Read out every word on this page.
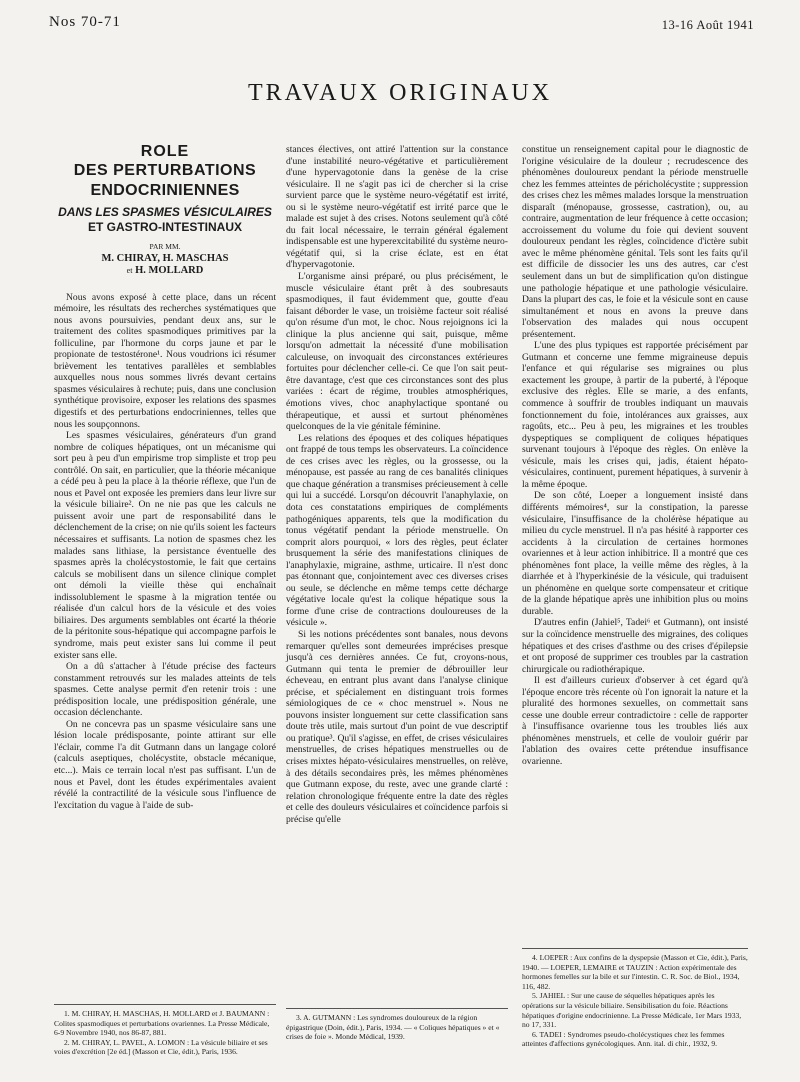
Nos 70-71	13-16 Août 1941
TRAVAUX ORIGINAUX
ROLE
DES PERTURBATIONS
ENDOCRINIENNES
DANS LES SPASMES VÉSICULAIRES
ET GASTRO-INTESTINAUX
PAR MM.
M. CHIRAY, H. MASCHAS
et H. MOLLARD

Nous avons exposé à cette place, dans un récent mémoire, les résultats des recherches systématiques que nous avons poursuivies, pendant deux ans, sur le traitement des colites spasmodiques primitives par la folliculine, par l'hormone du corps jaune et par le propionate de testostérone¹. Nous voudrions ici résumer brièvement les tentatives parallèles et semblables auxquelles nous nous sommes livrés devant certains spasmes vésiculaires à rechute; puis, dans une conclusion synthétique provisoire, exposer les relations des spasmes digestifs et des perturbations endocriniennes, telles que nous les soupçonnons.

Les spasmes vésiculaires, générateurs d'un grand nombre de coliques hépatiques, ont un mécanisme qui sort peu à peu d'un empirisme trop simpliste et trop peu contrôlé. On sait, en particulier, que la théorie mécanique a cédé peu à peu la place à la théorie réflexe, que l'un de nous et Pavel ont exposée les premiers dans leur livre sur la vésicule biliaire². On ne nie pas que les calculs ne puissent avoir une part de responsabilité dans le déclenchement de la crise; on nie qu'ils soient les facteurs nécessaires et suffisants. La notion de spasmes chez les malades sans lithiase, la persistance éventuelle des spasmes après la cholécystostomie, le fait que certains calculs se mobilisent dans un silence clinique complet ont démoli la vieille thèse qui enchaînait indissolublement le spasme à la migration tentée ou réalisée d'un calcul hors de la vésicule et des voies biliaires. Des arguments semblables ont écarté la théorie de la péritonite sous-hépatique qui accompagne parfois le syndrome, mais peut exister sans lui comme il peut exister sans elle.

On a dû s'attacher à l'étude précise des facteurs constamment retrouvés sur les malades atteints de tels spasmes. Cette analyse permit d'en retenir trois : une prédisposition locale, une prédisposition générale, une occasion déclenchante.

On ne concevra pas un spasme vésiculaire sans une lésion locale prédisposante, pointe attirant sur elle l'éclair, comme l'a dit Gutmann dans un langage coloré (calculs aseptiques, cholécystite, obstacle mécanique, etc...). Mais ce terrain local n'est pas suffisant. L'un de nous et Pavel, dont les études expérimentales avaient révélé la contractilité de la vésicule sous l'influence de l'excitation du vague à l'aide de sub-

stances électives, ont attiré l'attention sur la constance d'une instabilité neuro-végétative et particulièrement d'une hypervagotonie dans la genèse de la crise vésiculaire. Il ne s'agit pas ici de chercher si la crise survient parce que le système neuro-végétatif est irrité, ou si le système neuro-végétatif est irrité parce que le malade est sujet à des crises. Notons seulement qu'à côté du fait local nécessaire, le terrain général également indispensable est une hyperexcitabilité du système neuro-végétatif qui, si la crise éclate, est en état d'hypervagotonie.

L'organisme ainsi préparé, ou plus précisément, le muscle vésiculaire étant prêt à des soubresauts spasmodiques, il faut évidemment que, goutte d'eau faisant déborder le vase, un troisième facteur soit réalisé qu'on résume d'un mot, le choc. Nous rejoignons ici la clinique la plus ancienne qui sait, puisque, même lorsqu'on admettait la nécessité d'une mobilisation calculeuse, on invoquait des circonstances extérieures fortuites pour déclencher celle-ci. Ce que l'on sait peut-être davantage, c'est que ces circonstances sont des plus variées : écart de régime, troubles atmosphériques, émotions vives, choc anaphylactique spontané ou thérapeutique, et aussi et surtout phénomènes quelconques de la vie génitale féminine.

Les relations des époques et des coliques hépatiques ont frappé de tous temps les observateurs. La coïncidence de ces crises avec les règles, ou la grossesse, ou la ménopause, est passée au rang de ces banalités cliniques que chaque génération a transmises précieusement à celle qui lui a succédé. Lorsqu'on découvrit l'anaphylaxie, on dota ces constatations empiriques de compléments pathogéniques apparents, tels que la modification du tonus végétatif pendant la période menstruelle. On comprit alors pourquoi, « lors des règles, peut éclater brusquement la série des manifestations cliniques de l'anaphylaxie, migraine, asthme, urticaire. Il n'est donc pas étonnant que, conjointement avec ces diverses crises ou seule, se déclenche en même temps cette décharge végétative locale qu'est la colique hépatique sous la forme d'une crise de contractions douloureuses de la vésicule ».

Si les notions précédentes sont banales, nous devons remarquer qu'elles sont demeurées imprécises presque jusqu'à ces dernières années. Ce fut, croyons-nous, Gutmann qui tenta le premier de débrouiller leur écheveau, en entrant plus avant dans l'analyse clinique précise, et spécialement en distinguant trois formes sémiologiques de ce « choc menstruel ». Nous ne pouvons insister longuement sur cette classification sans doute très utile, mais surtout d'un point de vue descriptif ou pratique³. Qu'il s'agisse, en effet, de crises vésiculaires menstruelles, de crises hépatiques menstruelles ou de crises mixtes hépato-vésiculaires menstruelles, on relève, à des détails secondaires près, les mêmes phénomènes que Gutmann expose, du reste, avec une grande clarté : relation chronologique fréquente entre la date des règles et celle des douleurs vésiculaires et coïncidence parfois si précise qu'elle

constitue un renseignement capital pour le diagnostic de l'origine vésiculaire de la douleur ; recrudescence des phénomènes douloureux pendant la période menstruelle chez les femmes atteintes de péricholécystite ; suppression des crises chez les mêmes malades lorsque la menstruation disparaît (ménopause, grossesse, castration), ou, au contraire, augmentation de leur fréquence à cette occasion; accroissement du volume du foie qui devient souvent douloureux pendant les règles, coïncidence d'ictère subit avec le même phénomène génital. Tels sont les faits qu'il est difficile de dissocier les uns des autres, car c'est seulement dans un but de simplification qu'on distingue une pathologie hépatique et une pathologie vésiculaire. Dans la plupart des cas, le foie et la vésicule sont en cause simultanément et nous en avons la preuve dans l'observation des malades qui nous occupent présentement.

L'une des plus typiques est rapportée précisément par Gutmann et concerne une femme migraineuse depuis l'enfance et qui régularise ses migraines ou plus exactement les groupe, à partir de la puberté, à l'époque exclusive des règles. Elle se marie, a des enfants, commence à souffrir de troubles indiquant un mauvais fonctionnement du foie, intolérances aux graisses, aux ragoûts, etc... Peu à peu, les migraines et les troubles dyspeptiques se compliquent de coliques hépatiques survenant toujours à l'époque des règles. On enlève la vésicule, mais les crises qui, jadis, étaient hépato-vésiculaires, continuent, purement hépatiques, à survenir à la même époque.

De son côté, Loeper a longuement insisté dans différents mémoires⁴, sur la constipation, la paresse vésiculaire, l'insuffisance de la cholérèse hépatique au milieu du cycle menstruel. Il n'a pas hésité à rapporter ces accidents à la circulation de certaines hormones ovariennes et à leur action inhibitrice. Il a montré que ces phénomènes font place, la veille même des règles, à la diarrhée et à l'hyperkinésie de la vésicule, qui traduisent un phénomène en quelque sorte compensateur et critique de la glande hépatique après une inhibition plus ou moins durable.

D'autres enfin (Jahiel⁵, Tadei⁶ et Gutmann), ont insisté sur la coïncidence menstruelle des migraines, des coliques hépatiques et des crises d'asthme ou des crises d'épilepsie et ont proposé de supprimer ces troubles par la castration chirurgicale ou radiothérapique.

Il est d'ailleurs curieux d'observer à cet égard qu'à l'époque encore très récente où l'on ignorait la nature et la pluralité des hormones sexuelles, on commettait sans cesse une double erreur contradictoire : celle de rapporter à l'insuffisance ovarienne tous les troubles liés aux phénomènes menstruels, et celle de vouloir guérir par l'ablation des ovaires cette prétendue insuffisance ovarienne.

1. M. CHIRAY, H. MASCHAS, H. MOLLARD et J. BAUMANN : Colites spasmodiques et perturbations ovariennes. La Presse Médicale, 6-9 Novembre 1940, nos 86-87, 881.

2. M. CHIRAY, L. PAVEL, A. LOMON : La vésicule biliaire et ses voies d'excrétion [2e éd.] (Masson et Cie, édit.), Paris, 1936.

3. A. GUTMANN : Les syndromes douloureux de la région épigastrique (Doin, édit.), Paris, 1934. — « Coliques hépatiques » et « crises de foie ». Monde Médical, 1939.

4. LOEPER : Aux confins de la dyspepsie (Masson et Cie, édit.), Paris, 1940. — LOEPER, LEMAIRE et TAUZIN : Action expérimentale des hormones femelles sur la bile et sur l'intestin. C. R. Soc. de Biol., 1934, 116, 482.

5. JAHIEL : Sur une cause de séquelles hépatiques après les opérations sur la vésicule biliaire. Sensibilisation du foie. Réactions hépatiques d'origine endocrinienne. La Presse Médicale, 1er Mars 1933, no 17, 331.

6. TADEI : Syndromes pseudo-cholécystiques chez les femmes atteintes d'affections gynécologiques. Ann. ital. di chir., 1932, 9.
